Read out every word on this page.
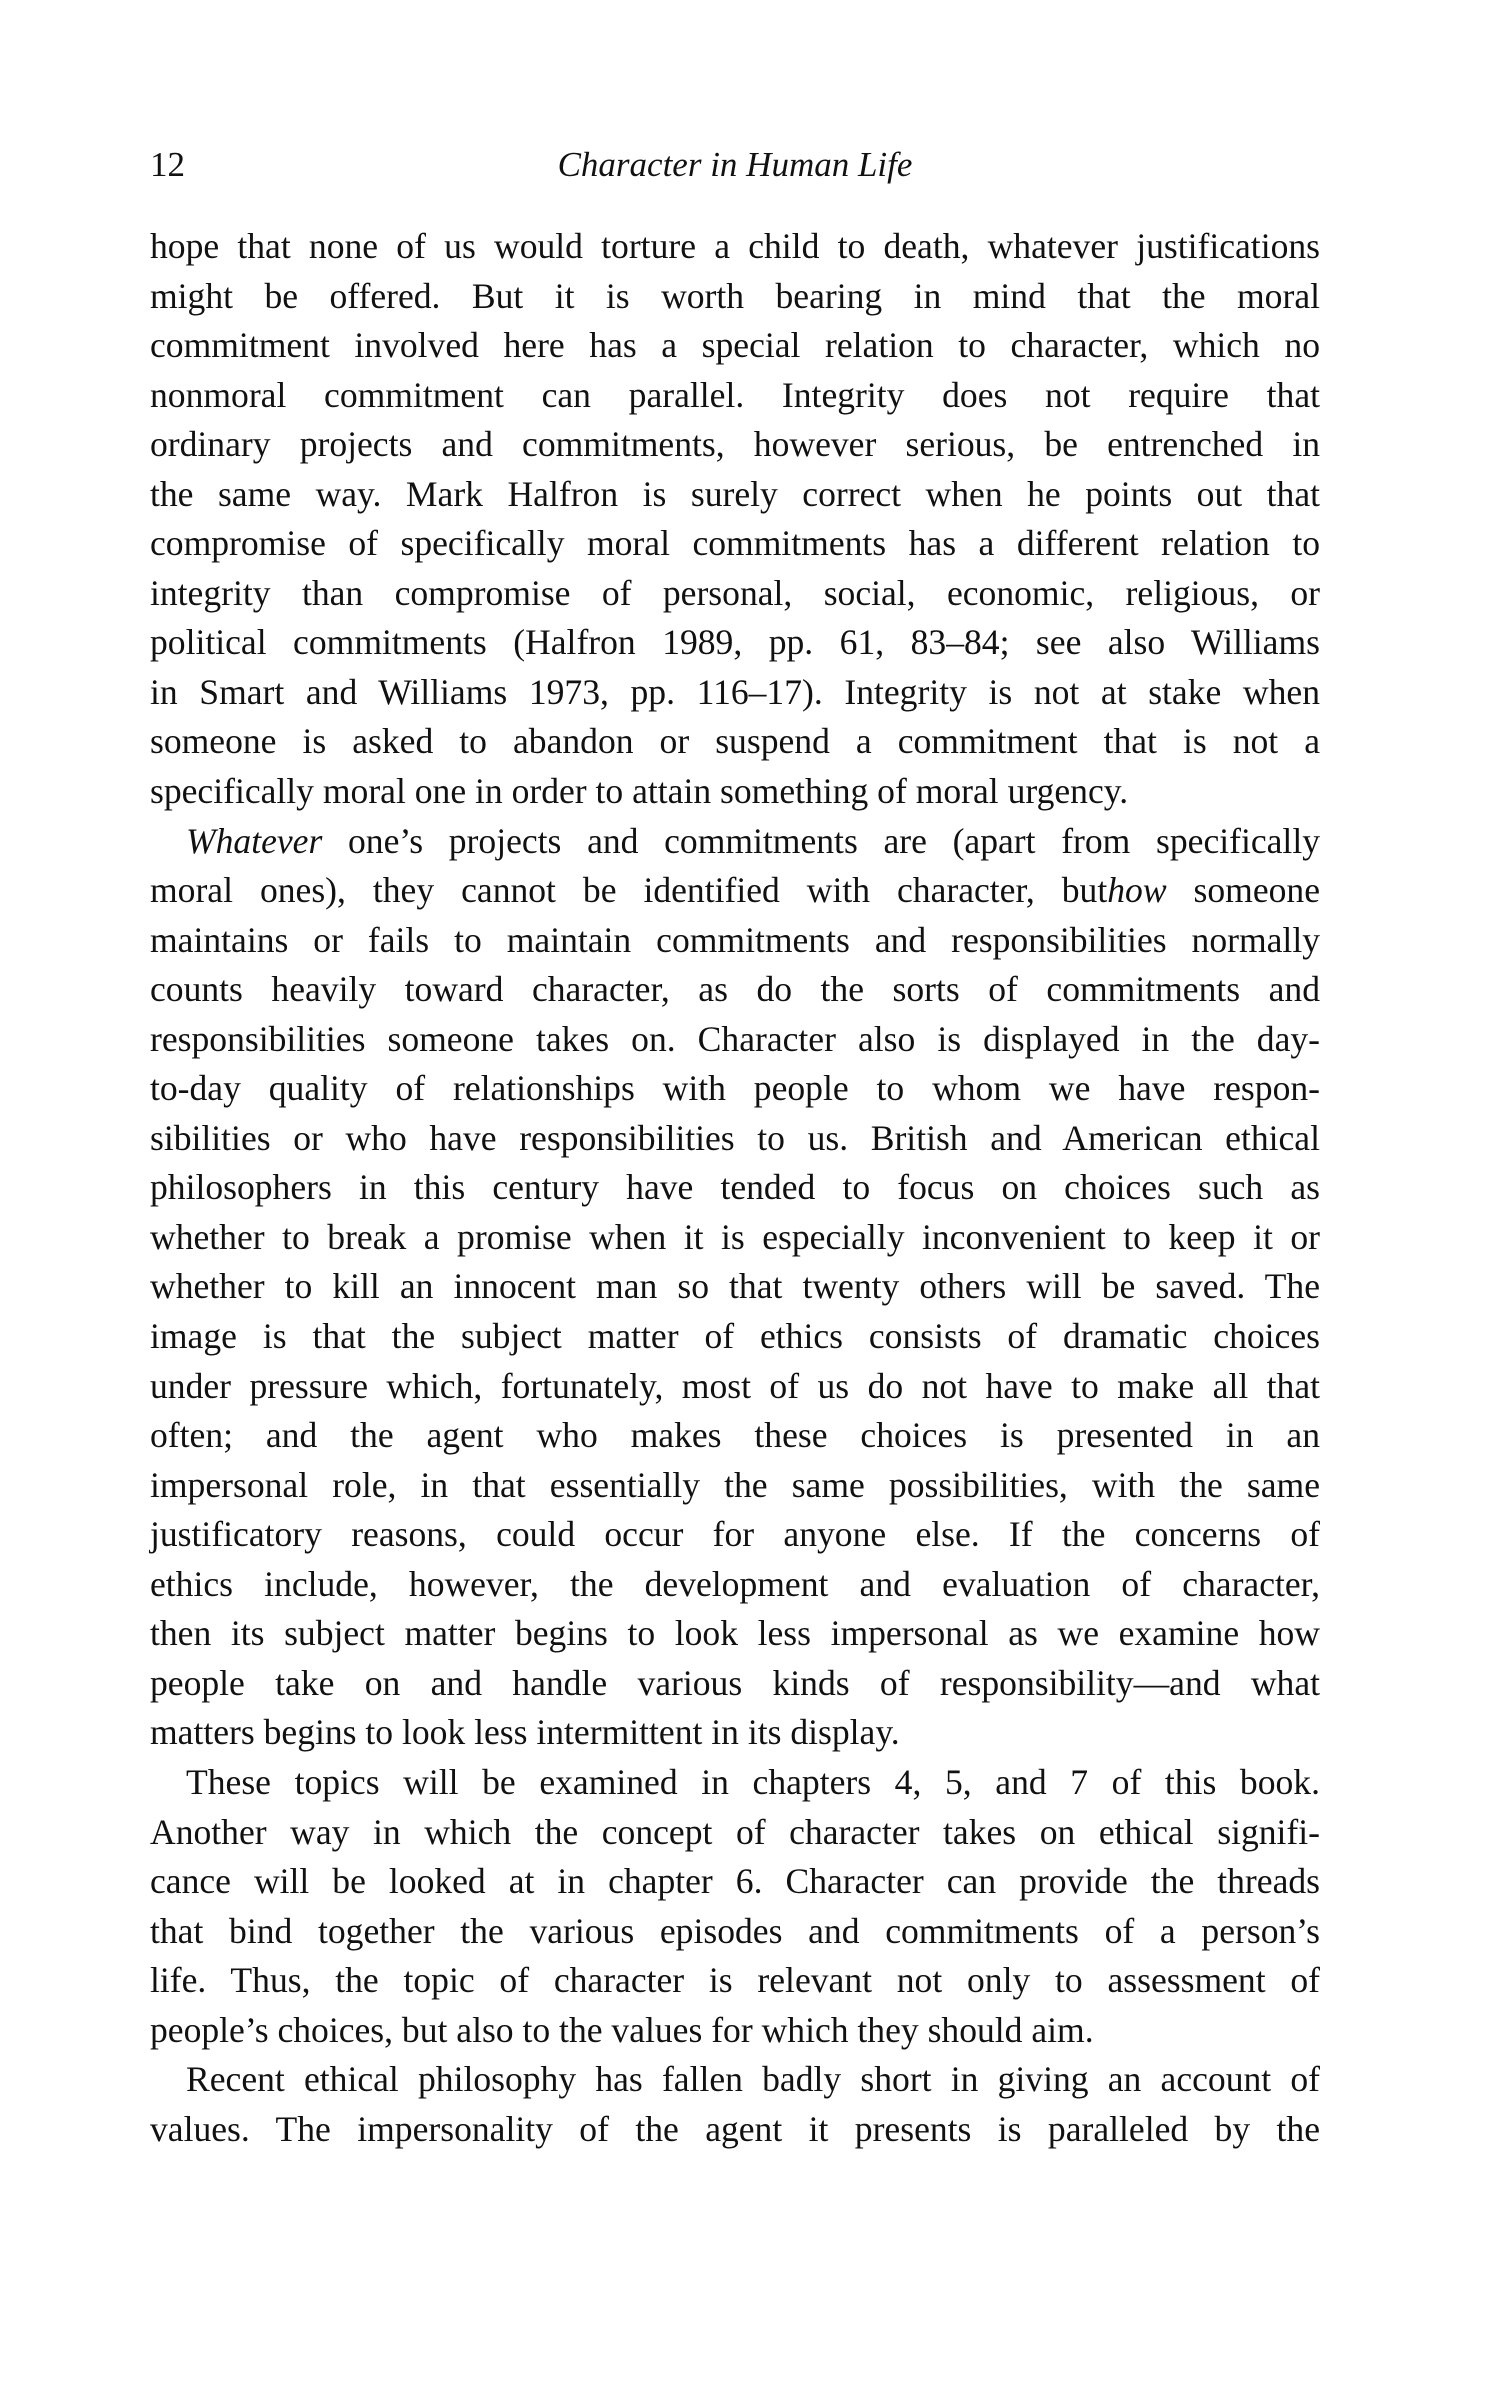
12	Character in Human Life
hope that none of us would torture a child to death, whatever justifications
might be offered. But it is worth bearing in mind that the moral
commitment involved here has a special relation to character, which no
nonmoral commitment can parallel. Integrity does not require that
ordinary projects and commitments, however serious, be entrenched in
the same way. Mark Halfron is surely correct when he points out that
compromise of specifically moral commitments has a different relation to
integrity than compromise of personal, social, economic, religious, or
political commitments (Halfron 1989, pp. 61, 83–84; see also Williams
in Smart and Williams 1973, pp. 116–17). Integrity is not at stake when
someone is asked to abandon or suspend a commitment that is not a
specifically moral one in order to attain something of moral urgency.
Whatever one’s projects and commitments are (apart from specifically
moral ones), they cannot be identified with character, buthow someone
maintains or fails to maintain commitments and responsibilities normally
counts heavily toward character, as do the sorts of commitments and
responsibilities someone takes on. Character also is displayed in the day-
to-day quality of relationships with people to whom we have respon-
sibilities or who have responsibilities to us. British and American ethical
philosophers in this century have tended to focus on choices such as
whether to break a promise when it is especially inconvenient to keep it or
whether to kill an innocent man so that twenty others will be saved. The
image is that the subject matter of ethics consists of dramatic choices
under pressure which, fortunately, most of us do not have to make all that
often; and the agent who makes these choices is presented in an
impersonal role, in that essentially the same possibilities, with the same
justificatory reasons, could occur for anyone else. If the concerns of
ethics include, however, the development and evaluation of character,
then its subject matter begins to look less impersonal as we examine how
people take on and handle various kinds of responsibility—and what
matters begins to look less intermittent in its display.
These topics will be examined in chapters 4, 5, and 7 of this book.
Another way in which the concept of character takes on ethical signifi-
cance will be looked at in chapter 6. Character can provide the threads
that bind together the various episodes and commitments of a person’s
life. Thus, the topic of character is relevant not only to assessment of
people’s choices, but also to the values for which they should aim.
Recent ethical philosophy has fallen badly short in giving an account of
values. The impersonality of the agent it presents is paralleled by the
